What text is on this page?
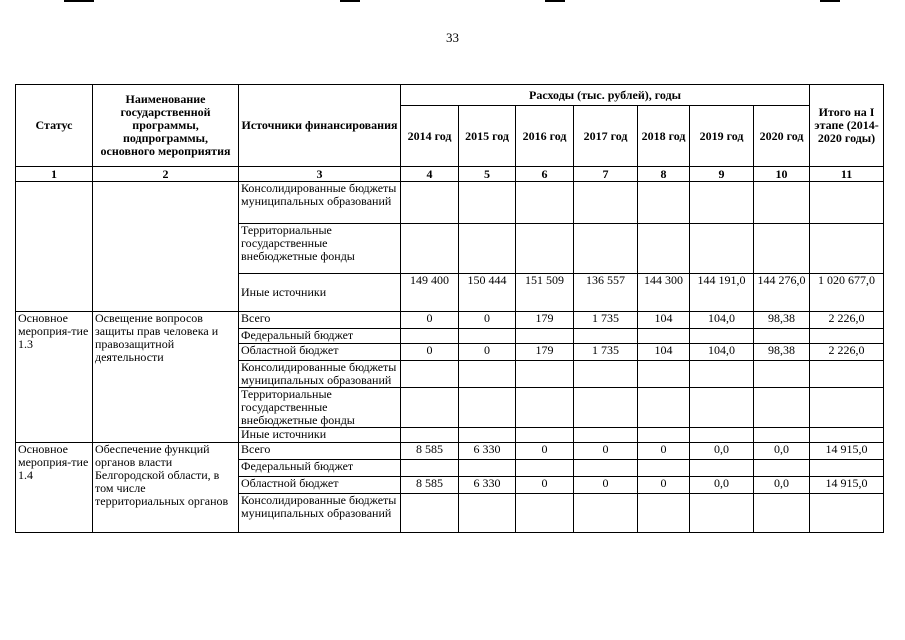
33
Статус	Наименование государственной программы, подпрограммы, основного мероприятия	Источники финансирования	Расходы (тыс. рублей), годы							Итого на I этапе (2014-2020 годы)
			2014 год	2015 год	2016 год	2017 год	2018 год	2019 год	2020 год	
1	2	3	4	5	6	7	8	9	10	11
		Консолидированные бюджеты муниципальных образований								
		Территориальные государственные внебюджетные фонды								
		Иные источники	149 400	150 444	151 509	136 557	144 300	144 191,0	144 276,0	1 020 677,0
Основное мероприя-тие 1.3	Освещение вопросов защиты прав человека и правозащитной деятельности	Всего	0	0	179	1 735	104	104,0	98,38	2 226,0
		Федеральный бюджет								
		Областной бюджет	0	0	179	1 735	104	104,0	98,38	2 226,0
		Консолидированные бюджеты муниципальных образований								
		Территориальные государственные внебюджетные фонды								
		Иные источники								
Основное мероприя-тие 1.4	Обеспечение функций органов власти Белгородской области, в том числе территориальных органов	Всего	8 585	6 330	0	0	0	0,0	0,0	14 915,0
		Федеральный бюджет								
		Областной бюджет	8 585	6 330	0	0	0	0,0	0,0	14 915,0
		Консолидированные бюджеты муниципальных образований								
